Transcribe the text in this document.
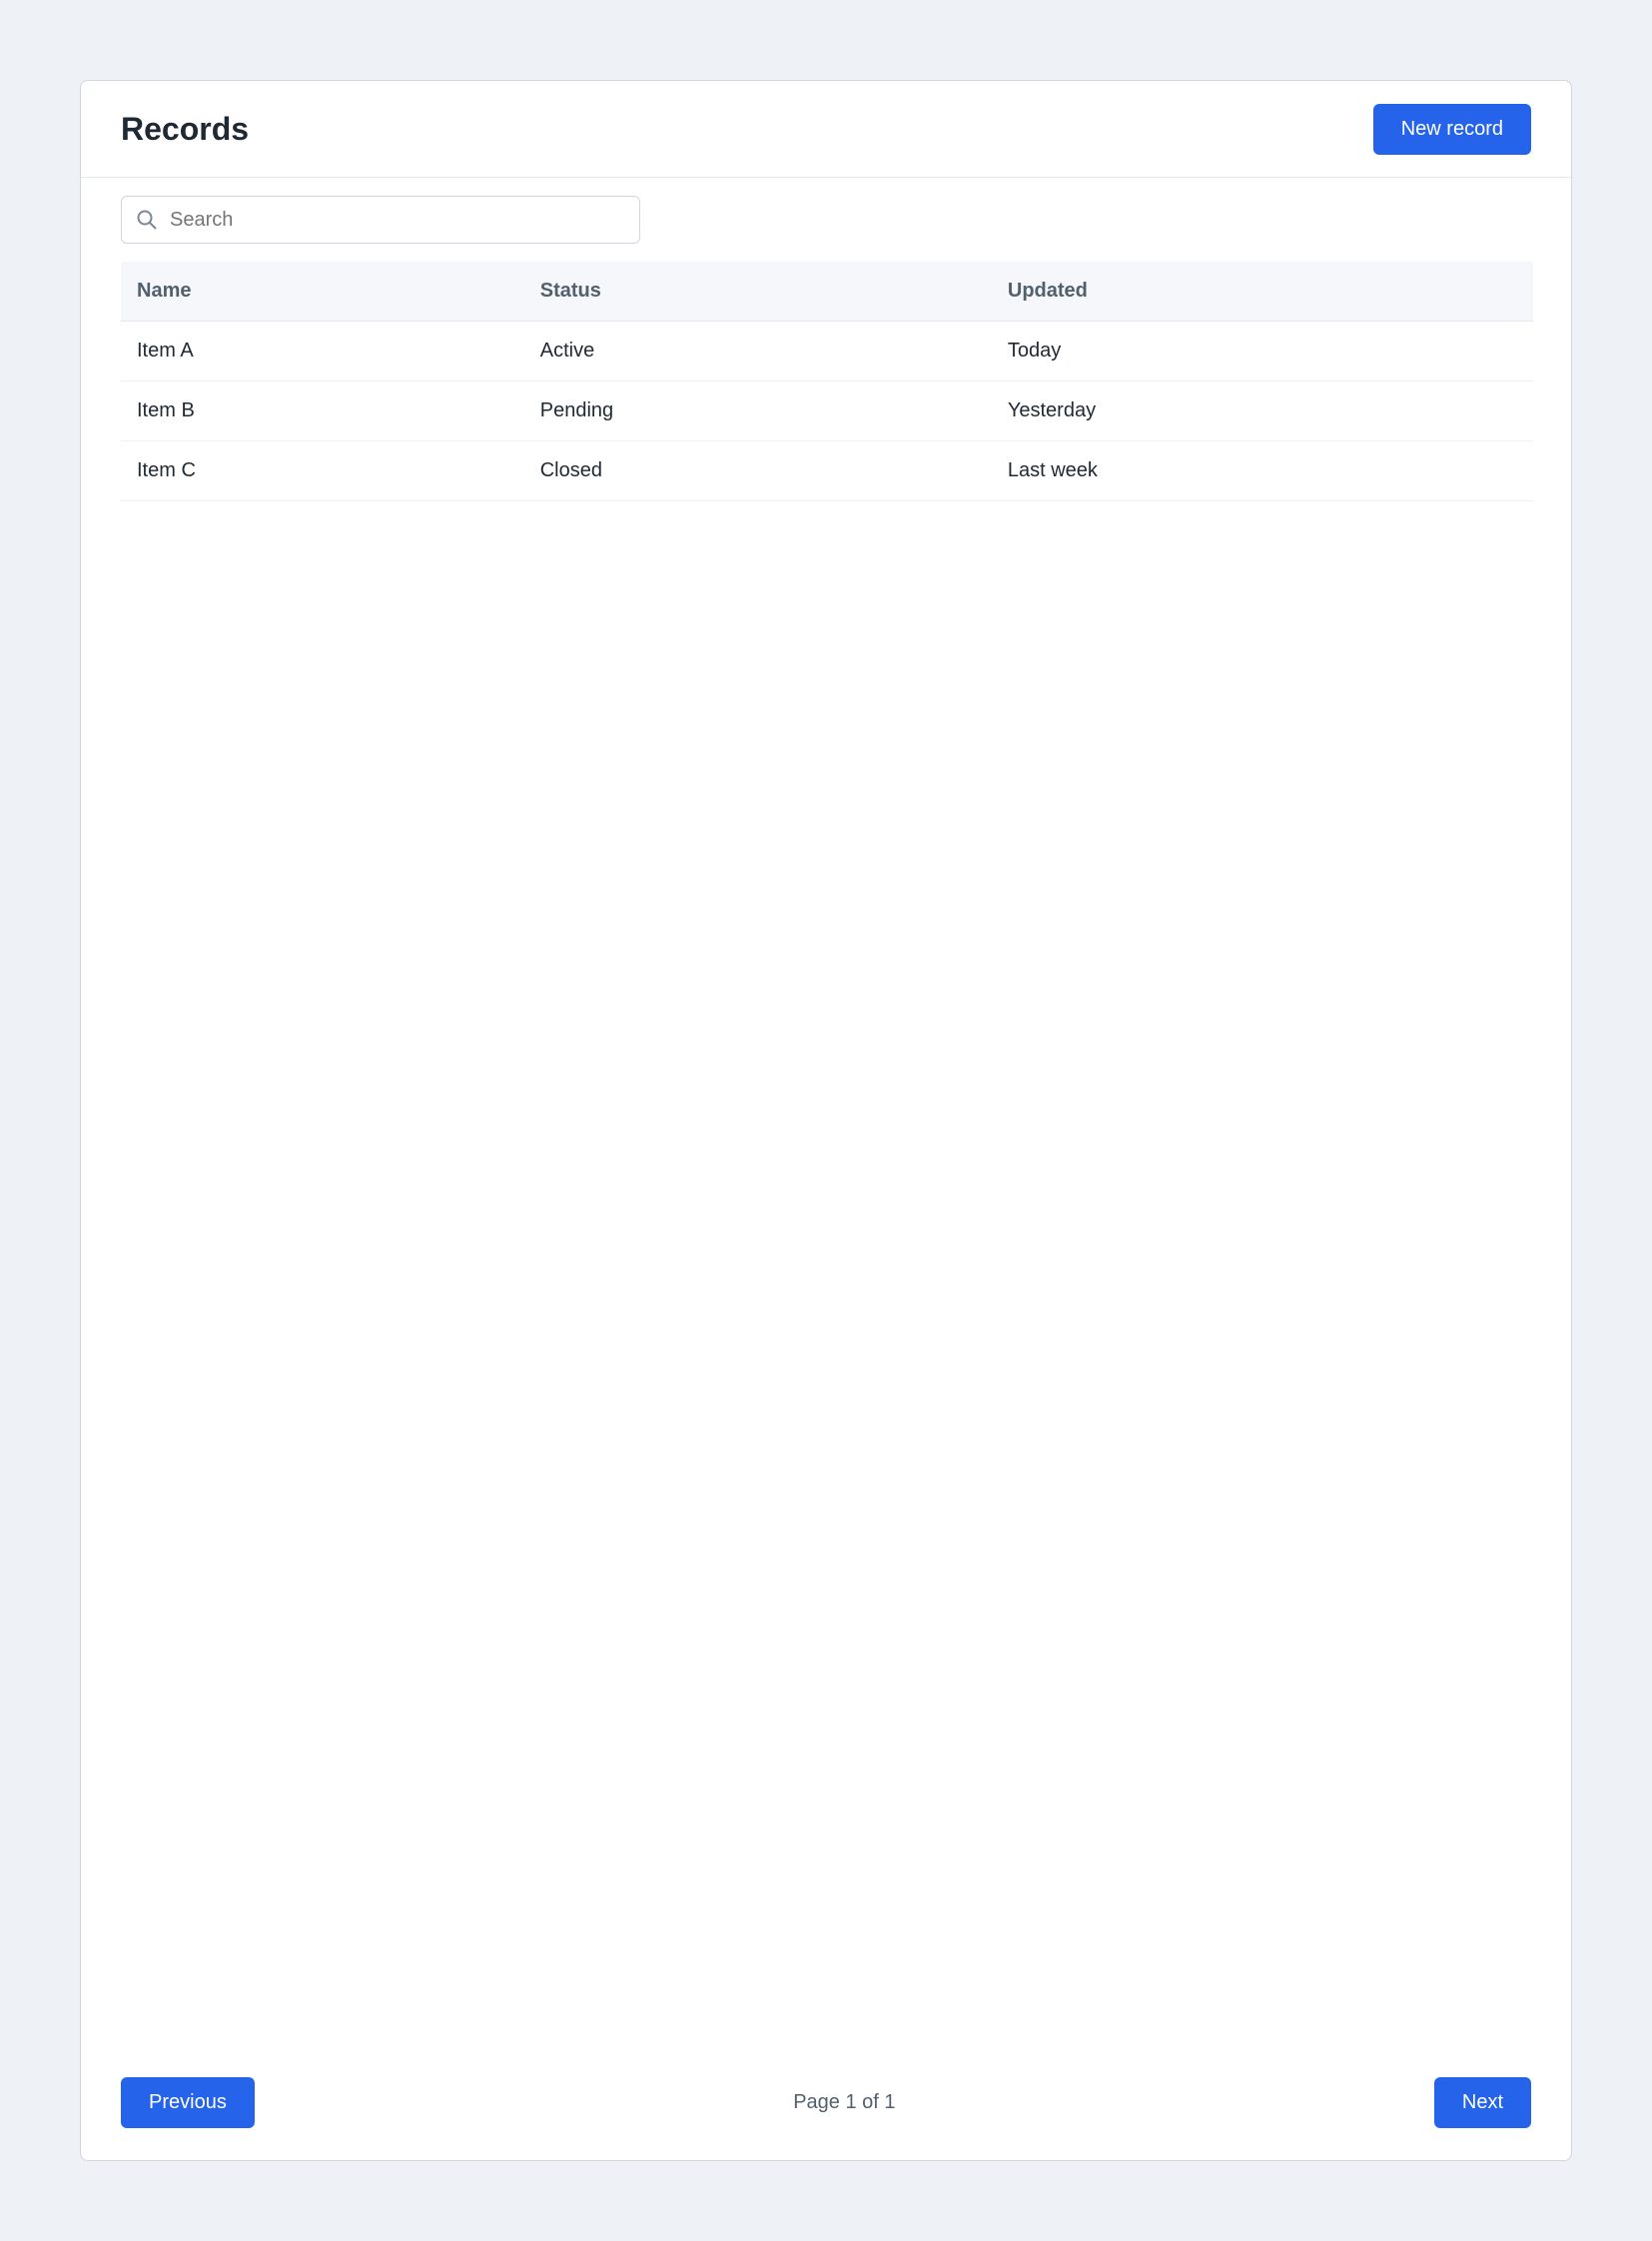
Records	New record
Search
Name	Status	Updated
Item A	Active	Today
Item B	Pending	Yesterday
Item C	Closed	Last week
Previous	Page 1 of 1	Next
